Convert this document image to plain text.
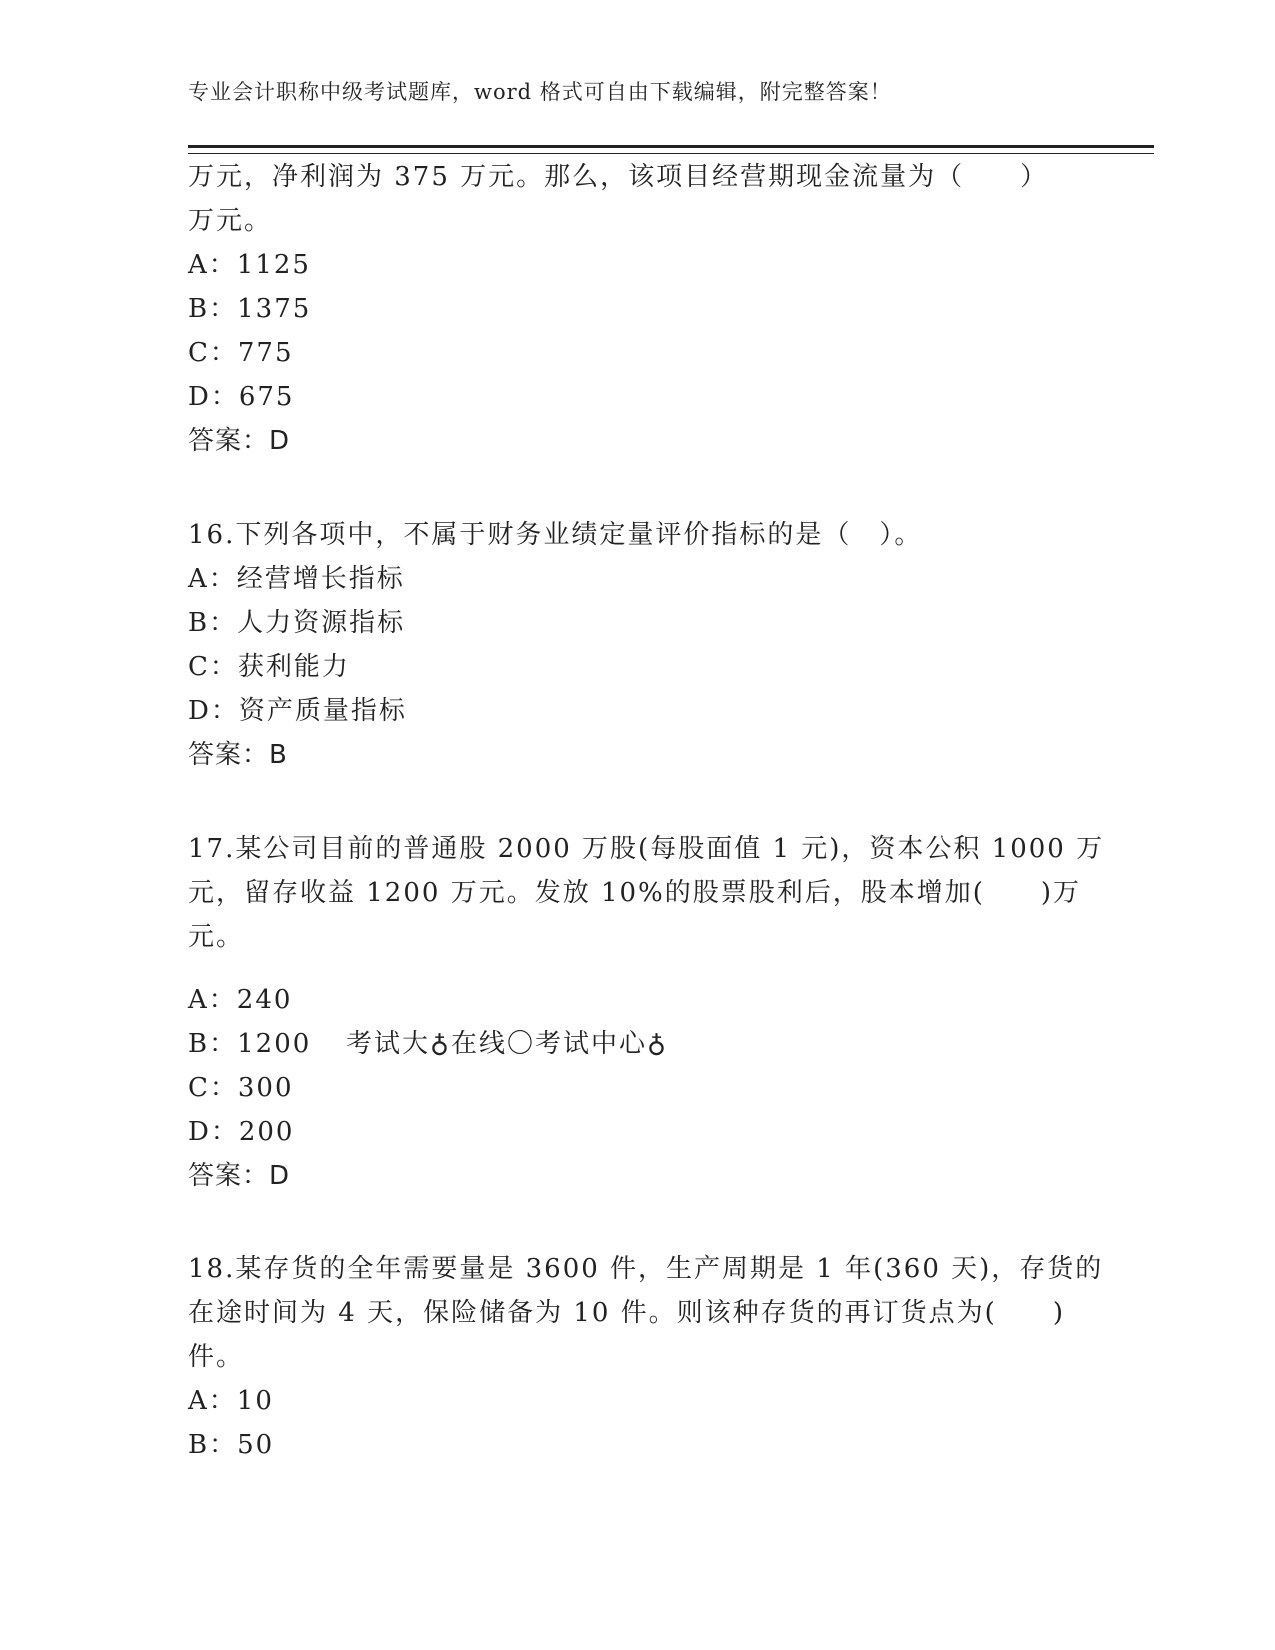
专业会计职称中级考试题库，word 格式可自由下载编辑，附完整答案！
万元，净利润为 375 万元。那么，该项目经营期现金流量为（　　）
万元。
A：1125
B：1375
C：775
D：675
答案：D
16.下列各项中，不属于财务业绩定量评价指标的是（　）。
A：经营增长指标
B：人力资源指标
C：获利能力
D：资产质量指标
答案：B
17.某公司目前的普通股 2000 万股(每股面值 1 元)，资本公积 1000 万
元，留存收益 1200 万元。发放 10%的股票股利后，股本增加(　　)万
元。
A：240
B：1200 考试大♁在线〇考试中心♁
C：300
D：200
答案：D
18.某存货的全年需要量是 3600 件，生产周期是 1 年(360 天)，存货的
在途时间为 4 天，保险储备为 10 件。则该种存货的再订货点为(　　)
件。
A：10
B：50
